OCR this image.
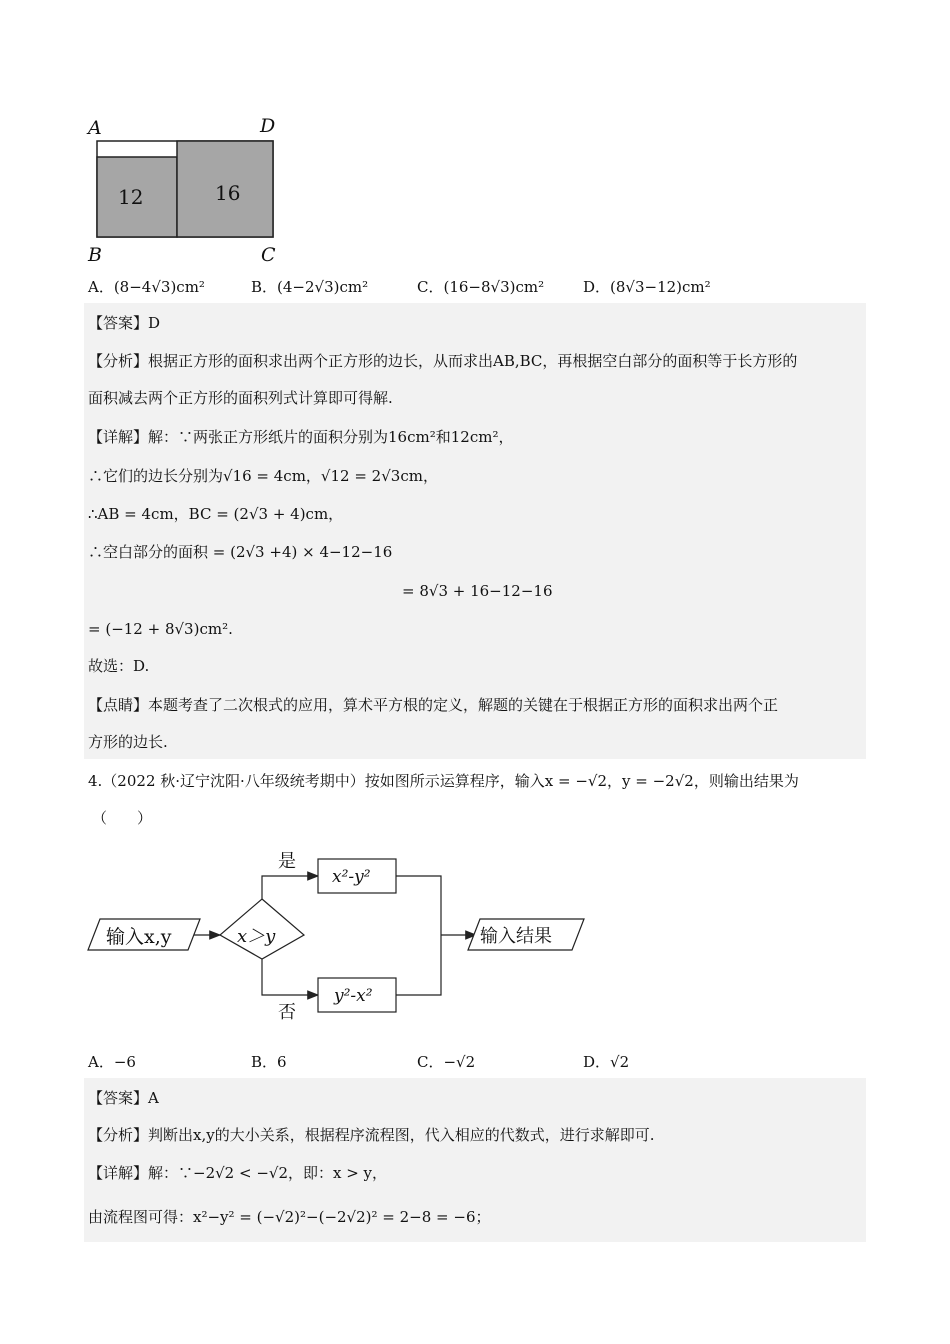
A	D
12	16
B	C
A．(8−4√3)cm²	B．(4−2√3)cm²	C．(16−8√3)cm²	D．(8√3−12)cm²
【答案】D
【分析】根据正方形的面积求出两个正方形的边长，从而求出AB,BC，再根据空白部分的面积等于长方形的
面积减去两个正方形的面积列式计算即可得解.
【详解】解：∵两张正方形纸片的面积分别为16cm²和12cm²，
∴它们的边长分别为√16 = 4cm，√12 = 2√3cm，
∴AB = 4cm，BC = (2√3 + 4)cm，
∴空白部分的面积 = (2√3 +4) × 4−12−16
= 8√3 + 16−12−16
= (−12 + 8√3)cm².
故选：D.
【点睛】本题考查了二次根式的应用，算术平方根的定义，解题的关键在于根据正方形的面积求出两个正
方形的边长.
4.（2022 秋·辽宁沈阳·八年级统考期中）按如图所示运算程序，输入x = −√2，y = −2√2，则输出结果为
（　　）
输入x,y	x＞y
是
x²-y²
否
y²-x²
输入结果
A．−6	B．6	C．−√2	D．√2
【答案】A
【分析】判断出x,y的大小关系，根据程序流程图，代入相应的代数式，进行求解即可.
【详解】解：∵−2√2 < −√2，即：x > y，
由流程图可得：x²−y² = (−√2)²−(−2√2)² = 2−8 = −6；
